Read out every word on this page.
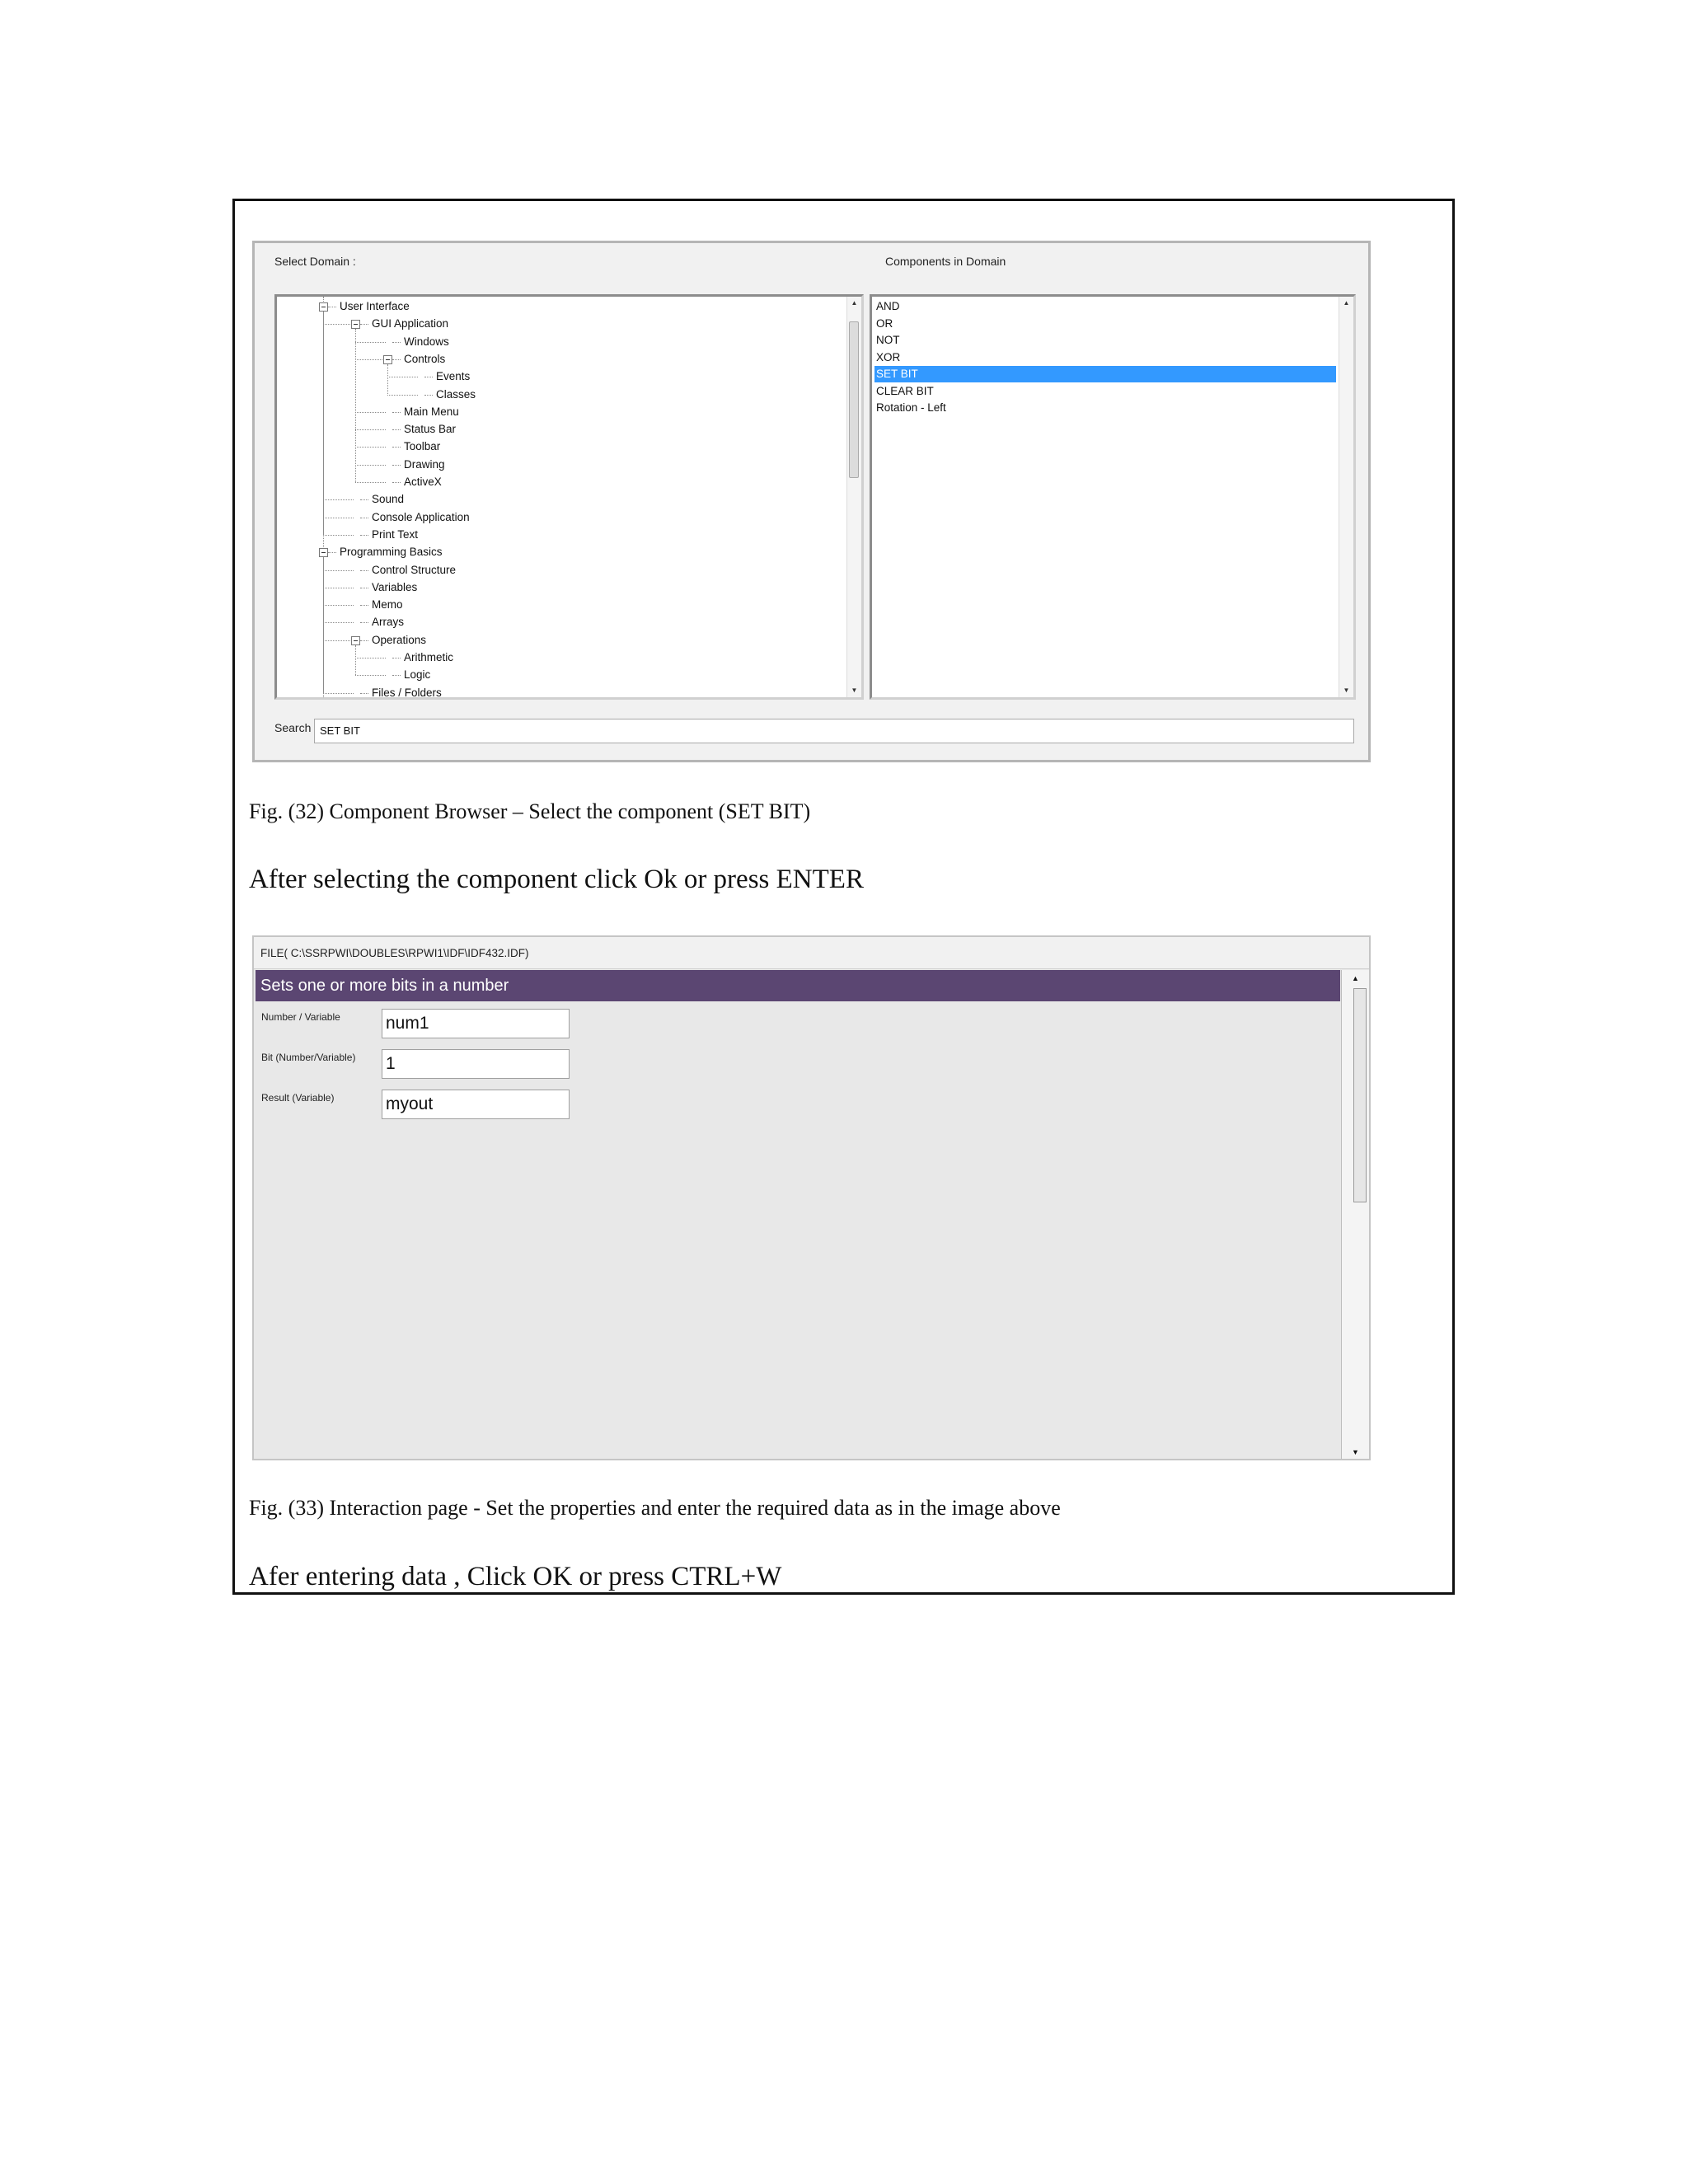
Select Domain :	Components in Domain
User Interface
GUI Application
Windows
Controls
Events
Classes
Main Menu
Status Bar
Toolbar
Drawing
ActiveX
Sound
Console Application
Print Text
Programming Basics
Control Structure
Variables
Memo
Arrays
Operations
Arithmetic
Logic
Files / Folders
▲
▼
AND
OR
NOT
XOR
SET BIT
CLEAR BIT
Rotation - Left
▲
▼
Search SET BIT
Fig. (32) Component Browser – Select the component (SET BIT)
After selecting the component click Ok or press ENTER
FILE( C:\SSRPWI\DOUBLES\RPWI1\IDF\IDF432.IDF)
Sets one or more bits in a number
Number / Variable	num1
Bit (Number/Variable) 1
Result (Variable)	myout
▲
▼
Fig. (33) Interaction page - Set the properties and enter the required data as in the image above
Afer entering data , Click OK or press CTRL+W
